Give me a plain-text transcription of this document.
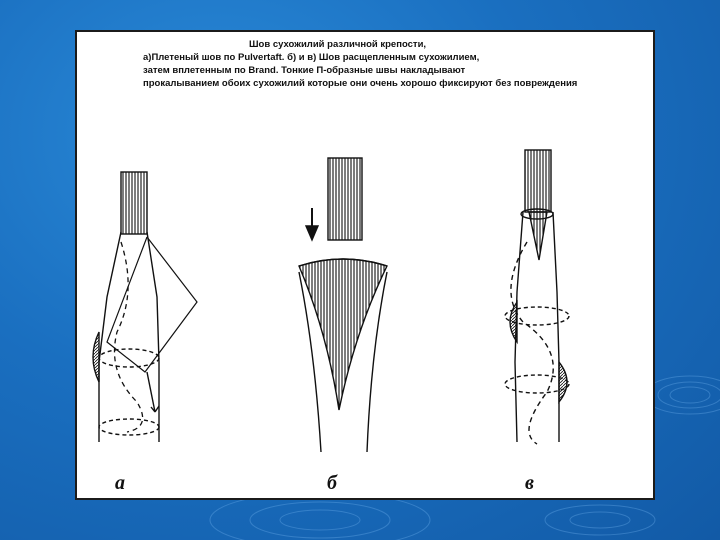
Шов сухожилий различной крепости,
а)Плетеный шов по Pulvertaft. б) и в) Шов расщепленным сухожилием,
затем вплетенным по Brand. Тонкие П-образные швы накладывают
прокалыванием обоих сухожилий которые они очень хорошо фиксируют без повреждения
а	б	в
